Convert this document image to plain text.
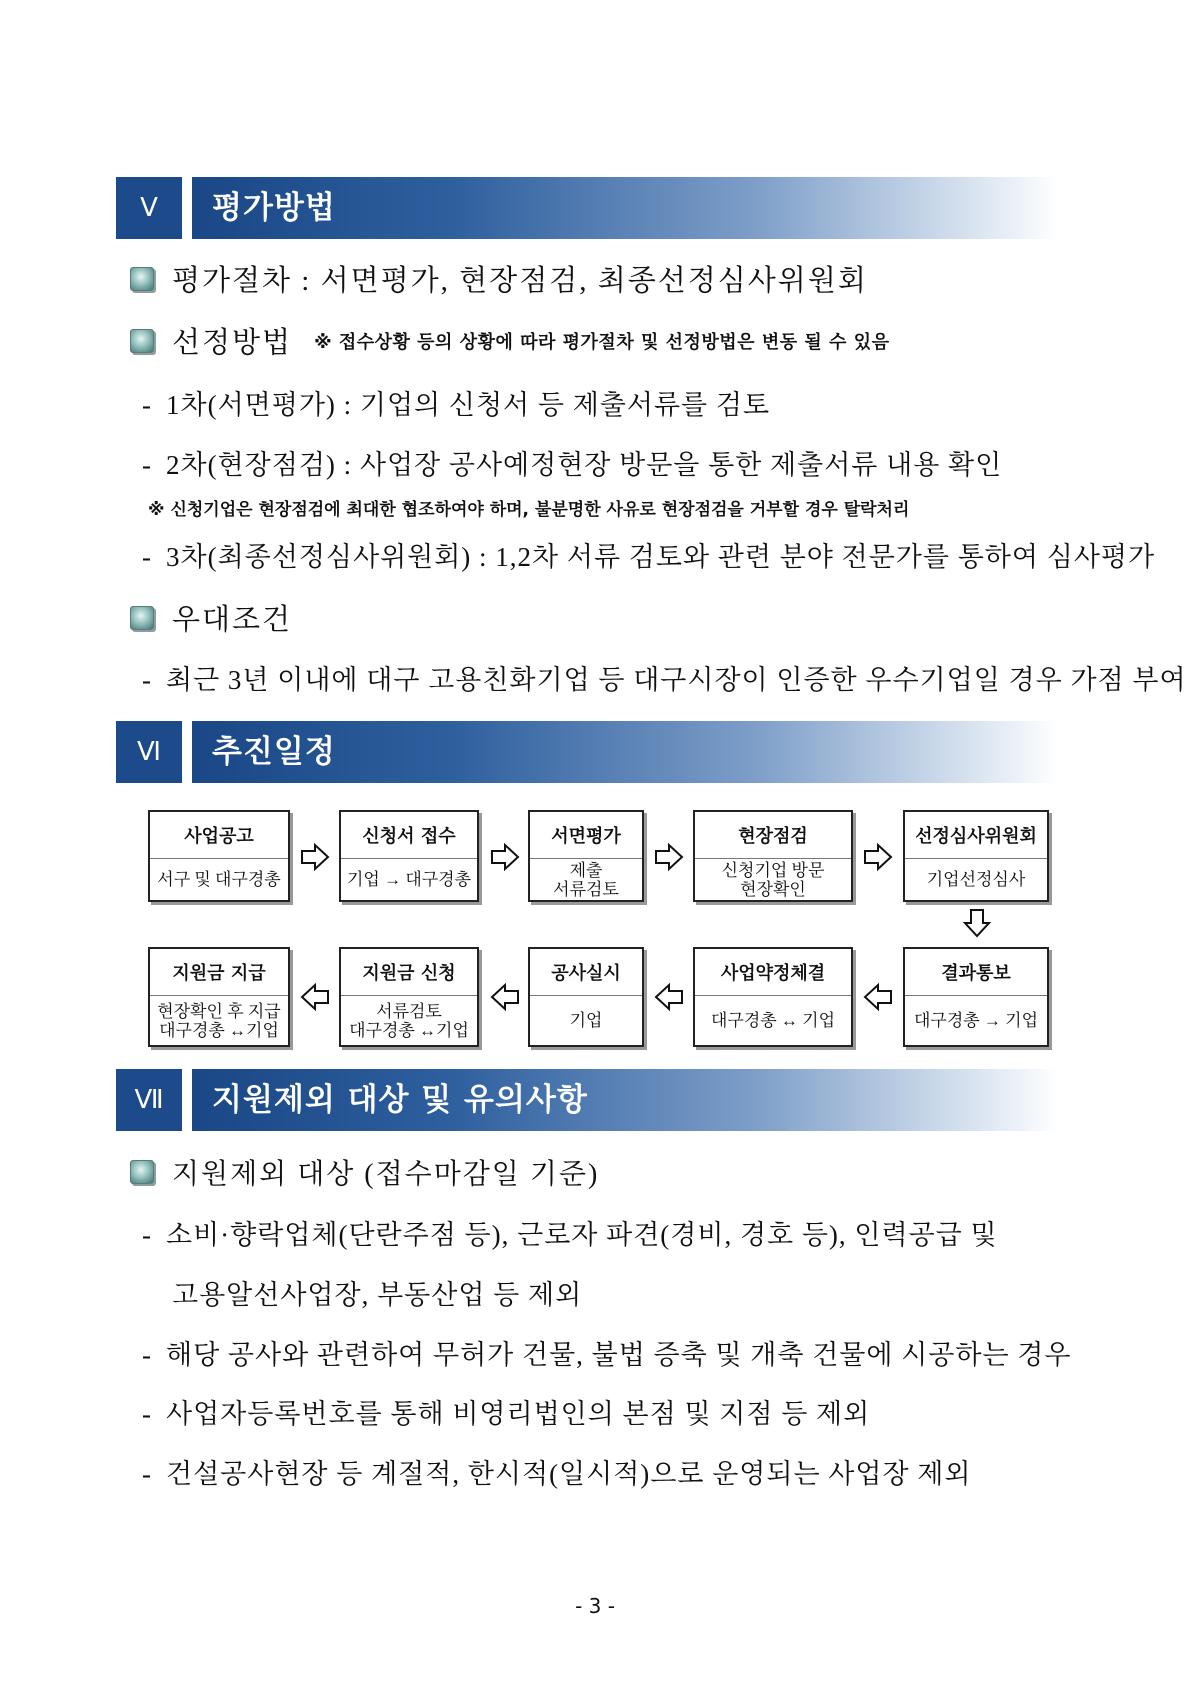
Ⅴ	평가방법
평가절차 : 서면평가, 현장점검, 최종선정심사위원회
선정방법 ※ 접수상황 등의 상황에 따라 평가절차 및 선정방법은 변동 될 수 있음
- 1차(서면평가) : 기업의 신청서 등 제출서류를 검토
- 2차(현장점검) : 사업장 공사예정현장 방문을 통한 제출서류 내용 확인
※ 신청기업은 현장점검에 최대한 협조하여야 하며, 불분명한 사유로 현장점검을 거부할 경우 탈락처리
- 3차(최종선정심사위원회) : 1,2차 서류 검토와 관련 분야 전문가를 통하여 심사평가
우대조건
- 최근 3년 이내에 대구 고용친화기업 등 대구시장이 인증한 우수기업일 경우 가점 부여
Ⅵ	추진일정
사업공고
서구 및 대구경총
신청서 접수
기업 → 대구경총
서면평가
제출
서류검토
현장점검
신청기업 방문
현장확인
선정심사위원회
기업선정심사
결과통보
대구경총 → 기업
사업약정체결
대구경총 ↔ 기업
공사실시
기업
지원금 신청
서류검토
대구경총 ↔기업
지원금 지급
현장확인 후 지급
대구경총 ↔기업
Ⅶ	지원제외 대상 및 유의사항
지원제외 대상 (접수마감일 기준)
- 소비·향락업체(단란주점 등), 근로자 파견(경비, 경호 등), 인력공급 및
고용알선사업장, 부동산업 등 제외
- 해당 공사와 관련하여 무허가 건물, 불법 증축 및 개축 건물에 시공하는 경우
- 사업자등록번호를 통해 비영리법인의 본점 및 지점 등 제외
- 건설공사현장 등 계절적, 한시적(일시적)으로 운영되는 사업장 제외
- 3 -
